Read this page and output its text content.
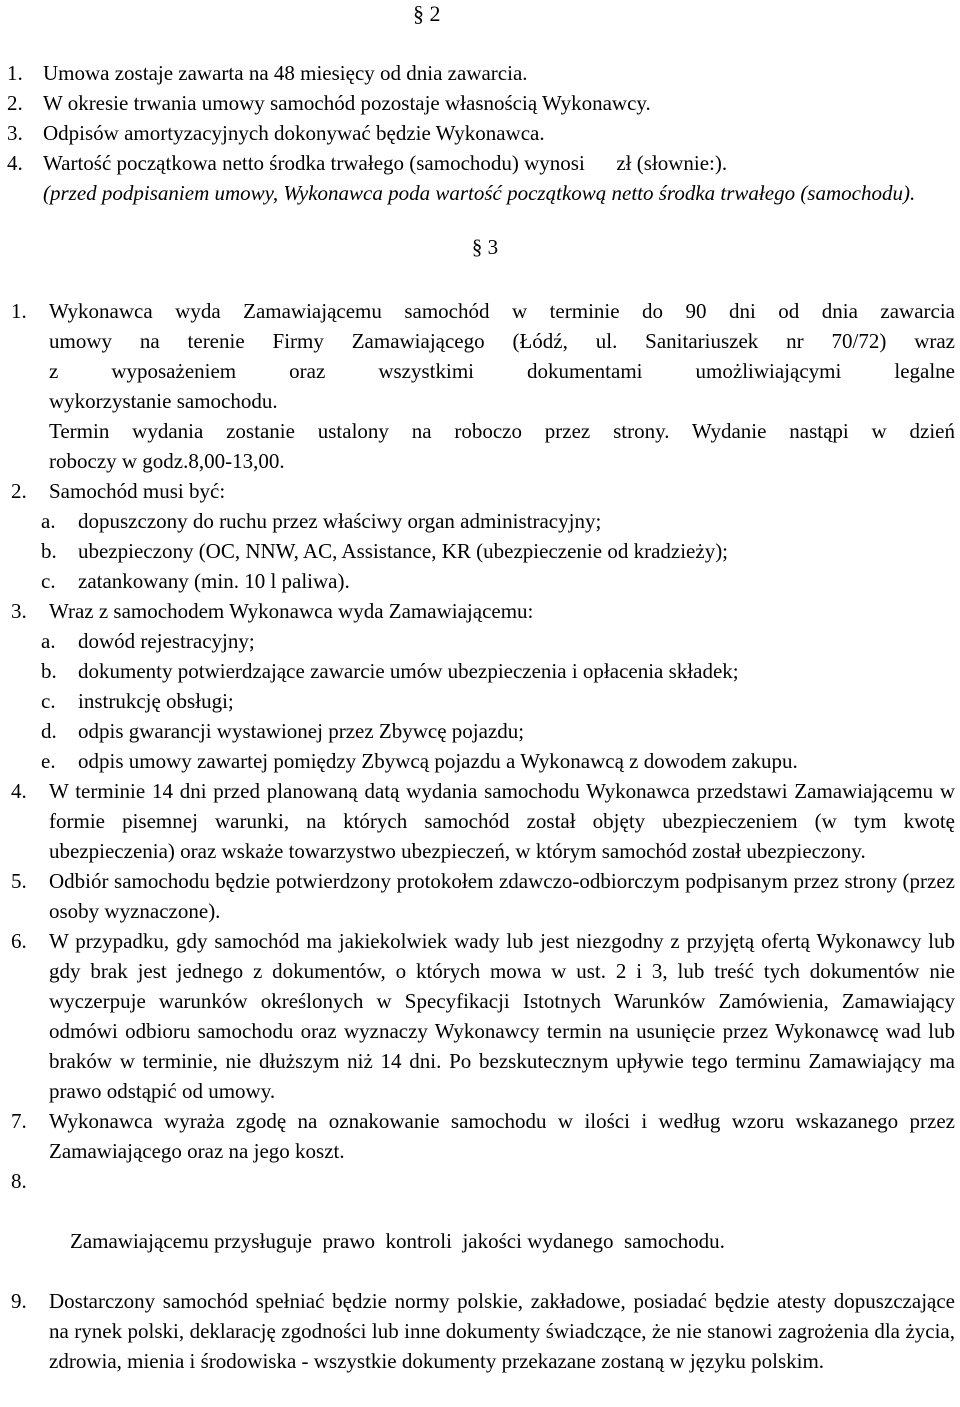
§ 2
1. Umowa zostaje zawarta na 48 miesięcy od dnia zawarcia.
2. W okresie trwania umowy samochód pozostaje własnością Wykonawcy.
3. Odpisów amortyzacyjnych dokonywać będzie Wykonawca.
4. Wartość początkowa netto środka trwałego (samochodu) wynosi      zł (słownie:).
(przed podpisaniem umowy, Wykonawca poda wartość początkową netto środka trwałego (samochodu).
§ 3
1. Wykonawca wyda Zamawiającemu samochód w terminie do 90 dni od dnia zawarcia
umowy na terenie Firmy Zamawiającego (Łódź, ul. Sanitariuszek nr 70/72) wraz
z wyposażeniem oraz wszystkimi dokumentami umożliwiającymi legalne
wykorzystanie samochodu.
Termin wydania zostanie ustalony na roboczo przez strony. Wydanie nastąpi w dzień
roboczy w godz.8,00-13,00.
2. Samochód musi być:
a. dopuszczony do ruchu przez właściwy organ administracyjny;
b. ubezpieczony (OC, NNW, AC, Assistance, KR (ubezpieczenie od kradzieży);
c. zatankowany (min. 10 l paliwa).
3. Wraz z samochodem Wykonawca wyda Zamawiającemu:
a. dowód rejestracyjny;
b. dokumenty potwierdzające zawarcie umów ubezpieczenia i opłacenia składek;
c. instrukcję obsługi;
d. odpis gwarancji wystawionej przez Zbywcę pojazdu;
e. odpis umowy zawartej pomiędzy Zbywcą pojazdu a Wykonawcą z dowodem zakupu.
4. W terminie 14 dni przed planowaną datą wydania samochodu Wykonawca przedstawi Zamawiającemu w formie pisemnej warunki, na których samochód został objęty ubezpieczeniem (w tym kwotę ubezpieczenia) oraz wskaże towarzystwo ubezpieczeń, w którym samochód został ubezpieczony.
5. Odbiór samochodu będzie potwierdzony protokołem zdawczo-odbiorczym podpisanym przez strony (przez osoby wyznaczone).
6. W przypadku, gdy samochód ma jakiekolwiek wady lub jest niezgodny z przyjętą ofertą Wykonawcy lub gdy brak jest jednego z dokumentów, o których mowa w ust. 2 i 3, lub treść tych dokumentów nie wyczerpuje warunków określonych w Specyfikacji Istotnych Warunków Zamówienia, Zamawiający odmówi odbioru samochodu oraz wyznaczy Wykonawcy termin na usunięcie przez Wykonawcę wad lub braków w terminie, nie dłuższym niż 14 dni. Po bezskutecznym upływie tego terminu Zamawiający ma prawo odstąpić od umowy.
7. Wykonawca wyraża zgodę na oznakowanie samochodu w ilości i według wzoru wskazanego przez Zamawiającego oraz na jego koszt.

8.

Zamawiającemu przysługuje  prawo  kontroli  jakości wydanego  samochodu.

9. Dostarczony samochód spełniać będzie normy polskie, zakładowe, posiadać będzie atesty dopuszczające na rynek polski, deklarację zgodności lub inne dokumenty świadczące, że nie stanowi zagrożenia dla życia, zdrowia, mienia i środowiska - wszystkie dokumenty przekazane zostaną w języku polskim.
